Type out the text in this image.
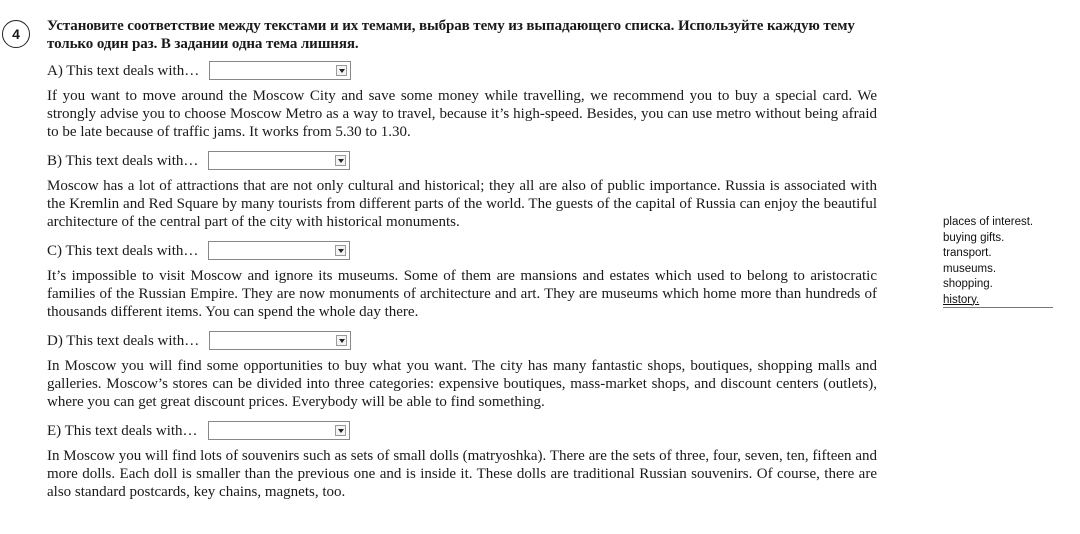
4 Установите соответствие между текстами и их темами, выбрав тему из выпадающего списка. Используйте каждую тему только один раз. В задании одна тема лишняя.

A) This text deals with…

If you want to move around the Moscow City and save some money while travelling, we recommend you to buy a special card. We strongly advise you to choose Moscow Metro as a way to travel, because it’s high-speed. Besides, you can use metro without being afraid to be late because of traffic jams. It works from 5.30 to 1.30.

B) This text deals with…

Moscow has a lot of attractions that are not only cultural and historical; they all are also of public importance. Russia is associated with the Kremlin and Red Square by many tourists from different parts of the world. The guests of the capital of Russia can enjoy the beautiful architecture of the central part of the city with historical monuments.

C) This text deals with…

It’s impossible to visit Moscow and ignore its museums. Some of them are mansions and estates which used to belong to aristocratic families of the Russian Empire. They are now monuments of architecture and art. They are museums which home more than hundreds of thousands different items. You can spend the whole day there.

D) This text deals with…

In Moscow you will find some opportunities to buy what you want. The city has many fantastic shops, boutiques, shopping malls and galleries. Moscow’s stores can be divided into three categories: expensive boutiques, mass-market shops, and discount centers (outlets), where you can get great discount prices. Everybody will be able to find something.

E) This text deals with…

In Moscow you will find lots of souvenirs such as sets of small dolls (matryoshka). There are the sets of three, four, seven, ten, fifteen and more dolls. Each doll is smaller than the previous one and is inside it. These dolls are traditional Russian souvenirs. Of course, there are also standard postcards, key chains, magnets, too.

places of interest.
buying gifts.
transport.
museums.
shopping.
history.
